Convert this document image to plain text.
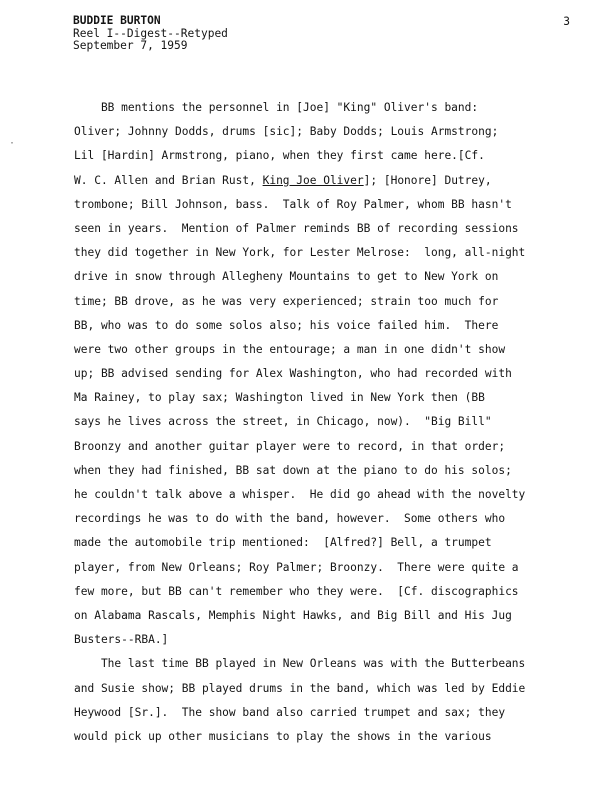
BUDDIE BURTON
Reel I--Digest--Retyped
September 7, 1959
3
·
BB mentions the personnel in [Joe] "King" Oliver's band:
Oliver; Johnny Dodds, drums [sic]; Baby Dodds; Louis Armstrong;
Lil [Hardin] Armstrong, piano, when they first came here.[Cf.
W. C. Allen and Brian Rust, King Joe Oliver]; [Honore] Dutrey,
trombone; Bill Johnson, bass.  Talk of Roy Palmer, whom BB hasn't
seen in years.  Mention of Palmer reminds BB of recording sessions
they did together in New York, for Lester Melrose:  long, all-night
drive in snow through Allegheny Mountains to get to New York on
time; BB drove, as he was very experienced; strain too much for
BB, who was to do some solos also; his voice failed him.  There
were two other groups in the entourage; a man in one didn't show
up; BB advised sending for Alex Washington, who had recorded with
Ma Rainey, to play sax; Washington lived in New York then (BB
says he lives across the street, in Chicago, now).  "Big Bill"
Broonzy and another guitar player were to record, in that order;
when they had finished, BB sat down at the piano to do his solos;
he couldn't talk above a whisper.  He did go ahead with the novelty
recordings he was to do with the band, however.  Some others who
made the automobile trip mentioned:  [Alfred?] Bell, a trumpet
player, from New Orleans; Roy Palmer; Broonzy.  There were quite a
few more, but BB can't remember who they were.  [Cf. discographics
on Alabama Rascals, Memphis Night Hawks, and Big Bill and His Jug
Busters--RBA.]
The last time BB played in New Orleans was with the Butterbeans
and Susie show; BB played drums in the band, which was led by Eddie
Heywood [Sr.].  The show band also carried trumpet and sax; they
would pick up other musicians to play the shows in the various
